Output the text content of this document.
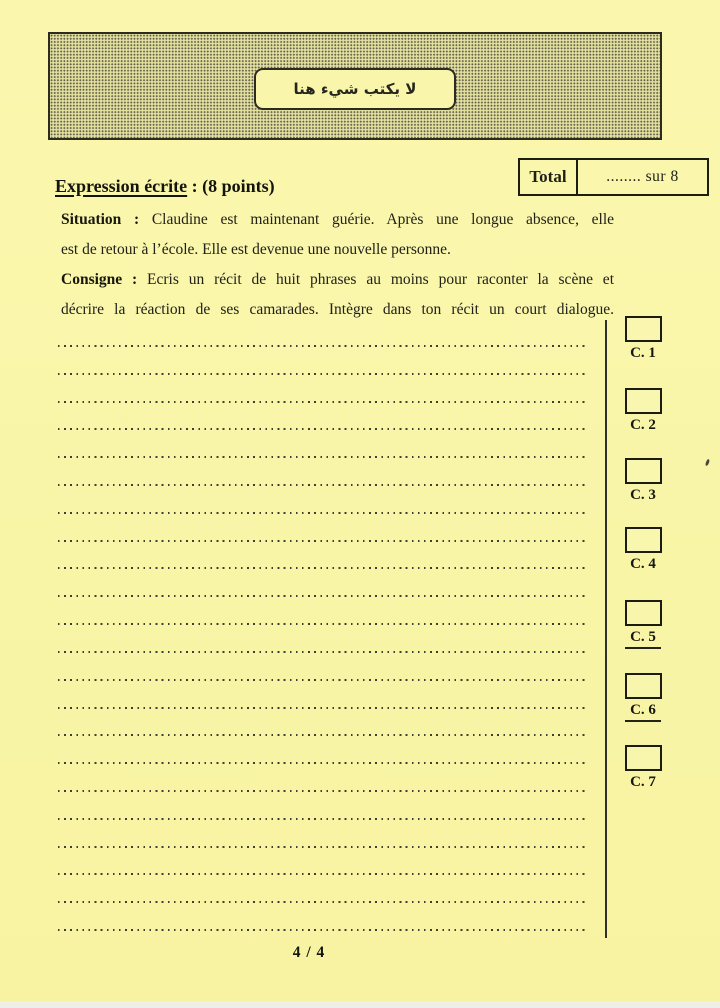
لا يكتب شيء هنا
Total	........ sur 8
Expression écrite : (8 points)
Situation : Claudine est maintenant guérie. Après une longue absence, elle
est de retour à l’école. Elle est devenue une nouvelle personne.
Consigne : Ecris un récit de huit phrases au moins pour raconter la scène et
décrire la réaction de ses camarades. Intègre dans ton récit un court dialogue.
C. 1
C. 2
C. 3
C. 4
C. 5
C. 6
C. 7
4 / 4
